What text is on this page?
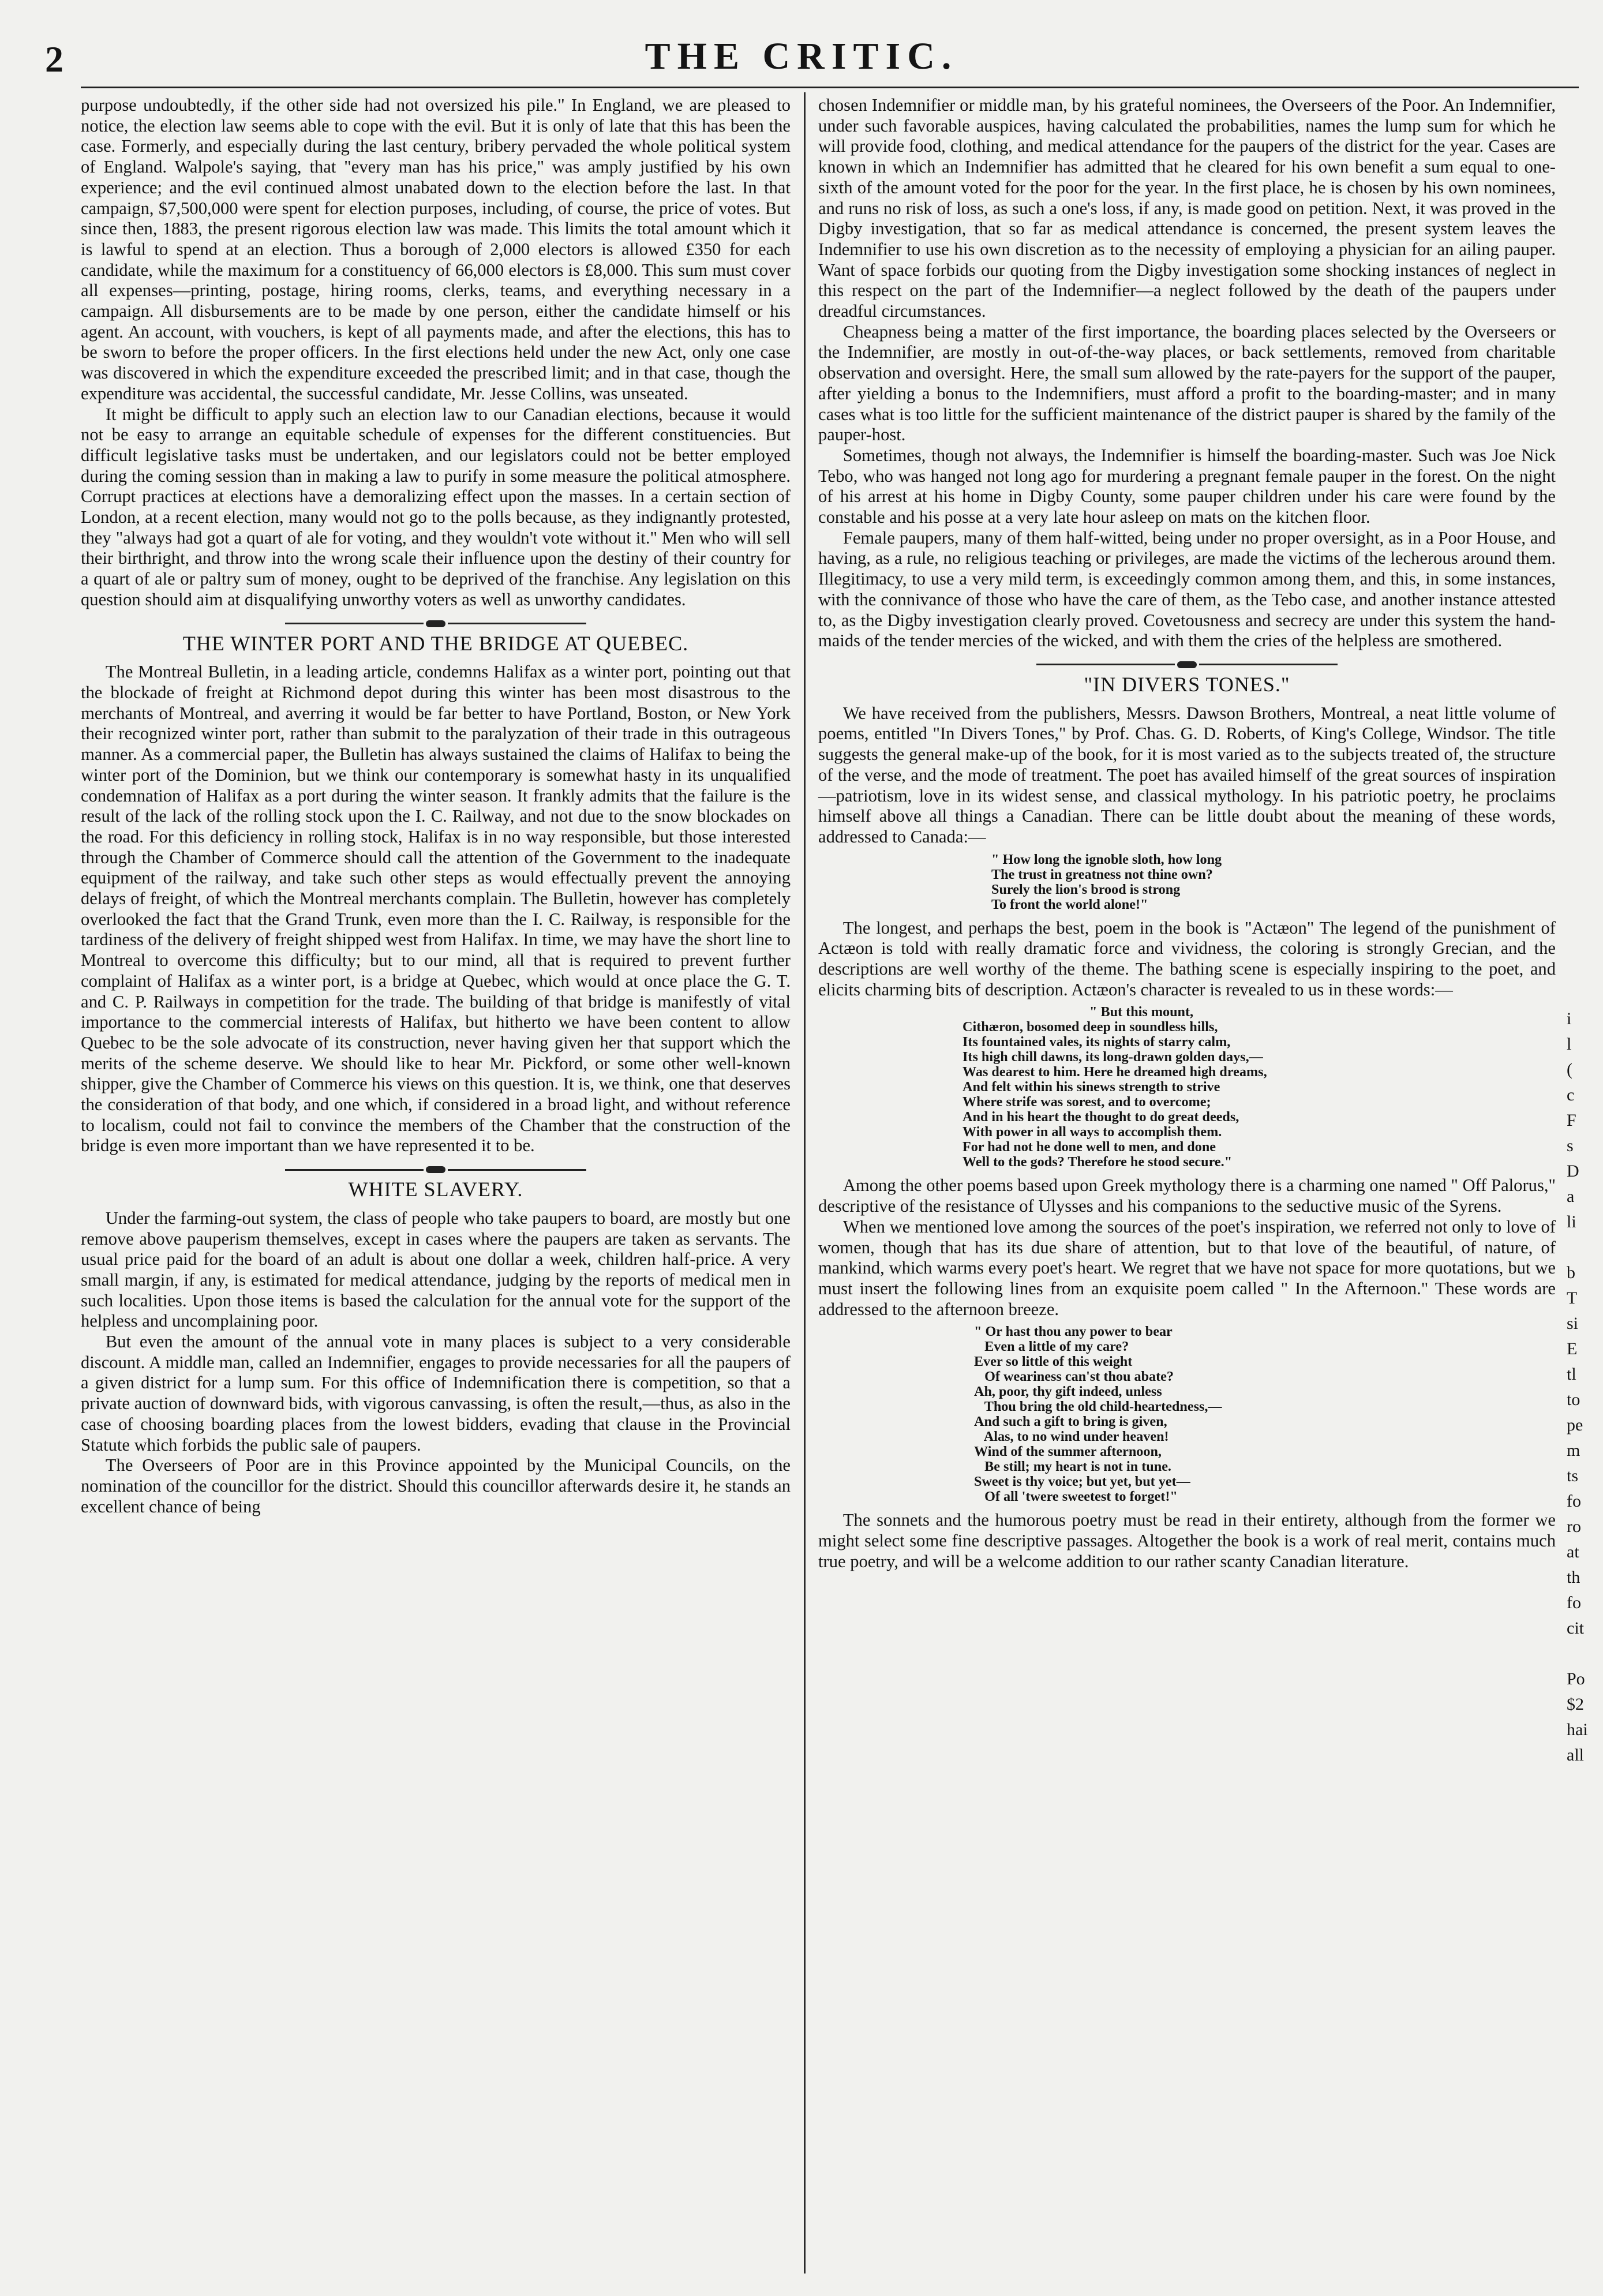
2	THE CRITIC.

purpose undoubtedly, if the other side had not oversized his pile." In England, we are pleased to notice, the election law seems able to cope with the evil. But it is only of late that this has been the case. Formerly, and especially during the last century, bribery pervaded the whole political system of England. Walpole's saying, that "every man has his price," was amply justified by his own experience; and the evil continued almost unabated down to the election before the last. In that campaign, $7,500,000 were spent for election purposes, including, of course, the price of votes. But since then, 1883, the present rigorous election law was made. This limits the total amount which it is lawful to spend at an election. Thus a borough of 2,000 electors is allowed £350 for each candidate, while the maximum for a constituency of 66,000 electors is £8,000. This sum must cover all expenses—printing, postage, hiring rooms, clerks, teams, and everything necessary in a campaign. All disbursements are to be made by one person, either the candidate himself or his agent. An account, with vouchers, is kept of all payments made, and after the elections, this has to be sworn to before the proper officers. In the first elections held under the new Act, only one case was discovered in which the expenditure exceeded the prescribed limit; and in that case, though the expenditure was accidental, the successful candidate, Mr. Jesse Collins, was unseated.

It might be difficult to apply such an election law to our Canadian elections, because it would not be easy to arrange an equitable schedule of expenses for the different constituencies. But difficult legislative tasks must be undertaken, and our legislators could not be better employed during the coming session than in making a law to purify in some measure the political atmosphere. Corrupt practices at elections have a demoralizing effect upon the masses. In a certain section of London, at a recent election, many would not go to the polls because, as they indignantly protested, they "always had got a quart of ale for voting, and they wouldn't vote without it." Men who will sell their birthright, and throw into the wrong scale their influence upon the destiny of their country for a quart of ale or paltry sum of money, ought to be deprived of the franchise. Any legislation on this question should aim at disqualifying unworthy voters as well as unworthy candidates.

THE WINTER PORT AND THE BRIDGE AT QUEBEC.

The Montreal Bulletin, in a leading article, condemns Halifax as a winter port, pointing out that the blockade of freight at Richmond depot during this winter has been most disastrous to the merchants of Montreal, and averring it would be far better to have Portland, Boston, or New York their recognized winter port, rather than submit to the paralyzation of their trade in this outrageous manner. As a commercial paper, the Bulletin has always sustained the claims of Halifax to being the winter port of the Dominion, but we think our contemporary is somewhat hasty in its unqualified condemnation of Halifax as a port during the winter season. It frankly admits that the failure is the result of the lack of the rolling stock upon the I. C. Railway, and not due to the snow blockades on the road. For this deficiency in rolling stock, Halifax is in no way responsible, but those interested through the Chamber of Commerce should call the attention of the Government to the inadequate equipment of the railway, and take such other steps as would effectually prevent the annoying delays of freight, of which the Montreal merchants complain. The Bulletin, however has completely overlooked the fact that the Grand Trunk, even more than the I. C. Railway, is responsible for the tardiness of the delivery of freight shipped west from Halifax. In time, we may have the short line to Montreal to overcome this difficulty; but to our mind, all that is required to prevent further complaint of Halifax as a winter port, is a bridge at Quebec, which would at once place the G. T. and C. P. Railways in competition for the trade. The building of that bridge is manifestly of vital importance to the commercial interests of Halifax, but hitherto we have been content to allow Quebec to be the sole advocate of its construction, never having given her that support which the merits of the scheme deserve. We should like to hear Mr. Pickford, or some other well-known shipper, give the Chamber of Commerce his views on this question. It is, we think, one that deserves the consideration of that body, and one which, if considered in a broad light, and without reference to localism, could not fail to convince the members of the Chamber that the construction of the bridge is even more important than we have represented it to be.

WHITE SLAVERY.

Under the farming-out system, the class of people who take paupers to board, are mostly but one remove above pauperism themselves, except in cases where the paupers are taken as servants. The usual price paid for the board of an adult is about one dollar a week, children half-price. A very small margin, if any, is estimated for medical attendance, judging by the reports of medical men in such localities. Upon those items is based the calculation for the annual vote for the support of the helpless and uncomplaining poor.

But even the amount of the annual vote in many places is subject to a very considerable discount. A middle man, called an Indemnifier, engages to provide necessaries for all the paupers of a given district for a lump sum. For this office of Indemnification there is competition, so that a private auction of downward bids, with vigorous canvassing, is often the result,—thus, as also in the case of choosing boarding places from the lowest bidders, evading that clause in the Provincial Statute which forbids the public sale of paupers.

The Overseers of Poor are in this Province appointed by the Municipal Councils, on the nomination of the councillor for the district. Should this councillor afterwards desire it, he stands an excellent chance of being

chosen Indemnifier or middle man, by his grateful nominees, the Overseers of the Poor. An Indemnifier, under such favorable auspices, having calculated the probabilities, names the lump sum for which he will provide food, clothing, and medical attendance for the paupers of the district for the year. Cases are known in which an Indemnifier has admitted that he cleared for his own benefit a sum equal to one-sixth of the amount voted for the poor for the year. In the first place, he is chosen by his own nominees, and runs no risk of loss, as such a one's loss, if any, is made good on petition. Next, it was proved in the Digby investigation, that so far as medical attendance is concerned, the present system leaves the Indemnifier to use his own discretion as to the necessity of employing a physician for an ailing pauper. Want of space forbids our quoting from the Digby investigation some shocking instances of neglect in this respect on the part of the Indemnifier—a neglect followed by the death of the paupers under dreadful circumstances.

Cheapness being a matter of the first importance, the boarding places selected by the Overseers or the Indemnifier, are mostly in out-of-the-way places, or back settlements, removed from charitable observation and oversight. Here, the small sum allowed by the rate-payers for the support of the pauper, after yielding a bonus to the Indemnifiers, must afford a profit to the boarding-master; and in many cases what is too little for the sufficient maintenance of the district pauper is shared by the family of the pauper-host.

Sometimes, though not always, the Indemnifier is himself the boarding-master. Such was Joe Nick Tebo, who was hanged not long ago for murdering a pregnant female pauper in the forest. On the night of his arrest at his home in Digby County, some pauper children under his care were found by the constable and his posse at a very late hour asleep on mats on the kitchen floor.

Female paupers, many of them half-witted, being under no proper oversight, as in a Poor House, and having, as a rule, no religious teaching or privileges, are made the victims of the lecherous around them. Illegitimacy, to use a very mild term, is exceedingly common among them, and this, in some instances, with the connivance of those who have the care of them, as the Tebo case, and another instance attested to, as the Digby investigation clearly proved. Covetousness and secrecy are under this system the hand-maids of the tender mercies of the wicked, and with them the cries of the helpless are smothered.

"IN DIVERS TONES."

We have received from the publishers, Messrs. Dawson Brothers, Montreal, a neat little volume of poems, entitled "In Divers Tones," by Prof. Chas. G. D. Roberts, of King's College, Windsor. The title suggests the general make-up of the book, for it is most varied as to the subjects treated of, the structure of the verse, and the mode of treatment. The poet has availed himself of the great sources of inspiration—patriotism, love in its widest sense, and classical mythology. In his patriotic poetry, he proclaims himself above all things a Canadian. There can be little doubt about the meaning of these words, addressed to Canada:—

" How long the ignoble sloth, how long
The trust in greatness not thine own?
Surely the lion's brood is strong
To front the world alone!"

The longest, and perhaps the best, poem in the book is "Actæon" The legend of the punishment of Actæon is told with really dramatic force and vividness, the coloring is strongly Grecian, and the descriptions are well worthy of the theme. The bathing scene is especially inspiring to the poet, and elicits charming bits of description. Actæon's character is revealed to us in these words:—

" But this mount,
Cithæron, bosomed deep in soundless hills,
Its fountained vales, its nights of starry calm,
Its high chill dawns, its long-drawn golden days,—
Was dearest to him. Here he dreamed high dreams,
And felt within his sinews strength to strive
Where strife was sorest, and to overcome;
And in his heart the thought to do great deeds,
With power in all ways to accomplish them.
For had not he done well to men, and done
Well to the gods? Therefore he stood secure."

Among the other poems based upon Greek mythology there is a charming one named " Off Palorus," descriptive of the resistance of Ulysses and his companions to the seductive music of the Syrens.

When we mentioned love among the sources of the poet's inspiration, we referred not only to love of women, though that has its due share of attention, but to that love of the beautiful, of nature, of mankind, which warms every poet's heart. We regret that we have not space for more quotations, but we must insert the following lines from an exquisite poem called " In the Afternoon." These words are addressed to the afternoon breeze.

" Or hast thou any power to bear
Even a little of my care?
Ever so little of this weight
Of weariness can'st thou abate?
Ah, poor, thy gift indeed, unless
Thou bring the old child-heartedness,—
And such a gift to bring is given,
Alas, to no wind under heaven!
Wind of the summer afternoon,
Be still; my heart is not in tune.
Sweet is thy voice; but yet, but yet—
Of all 'twere sweetest to forget!"

The sonnets and the humorous poetry must be read in their entirety, although from the former we might select some fine descriptive passages. Altogether the book is a work of real merit, contains much true poetry, and will be a welcome addition to our rather scanty Canadian literature.

i
l
(
c
F
s
D
a
li
b
T
si
E
tl
to
pe
m
ts
fo
ro
at
th
fo
cit
Po
$2
hai
all
